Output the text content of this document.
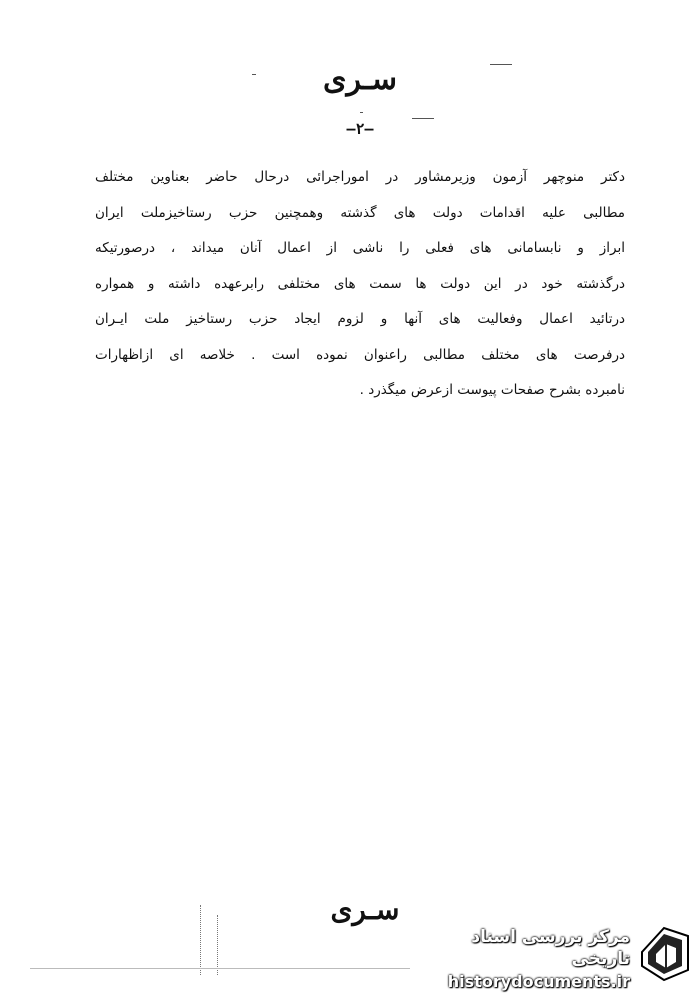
سـری
—٢—
دکتر منوچهر آزمون وزیرمشاور در اموراجرائی درحال حاضر بعناوین مختلف
مطالبی علیه اقدامات دولت های گذشته وهمچنین حزب رستاخیزملت ایران
ابراز و نابسامانی های فعلی را ناشی از اعمال آنان میداند ، درصورتیکه
درگذشته خود در این دولت ها سمت های مختلفی رابرعهده داشته و همواره
درتائید اعمال وفعالیت های آنها و لزوم ایجاد حزب رستاخیز ملت ایـران
درفرصت های مختلف مطالبی راعنوان نموده است . خلاصه ای ازاظهارات
نامبرده بشرح صفحات پیوست ازعرض میگذرد .
سـری
مرکز بررسی اسناد تاریخی
historydocuments.ir
